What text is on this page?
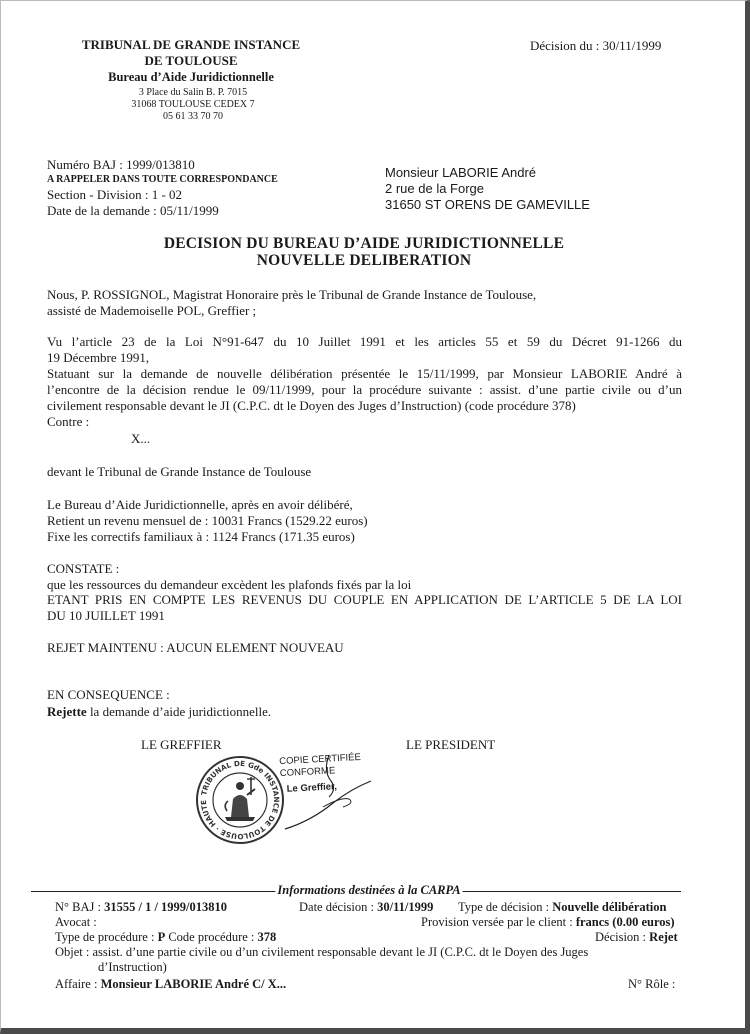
TRIBUNAL DE GRANDE INSTANCE
DE TOULOUSE
Bureau d’Aide Juridictionnelle
3 Place du Salin B. P. 7015
31068 TOULOUSE CEDEX 7
05 61 33 70 70
Décision du : 30/11/1999
Numéro BAJ : 1999/013810
A RAPPELER DANS TOUTE CORRESPONDANCE
Section - Division : 1 - 02
Date de la demande : 05/11/1999
Monsieur LABORIE André
2 rue de la Forge
31650 ST ORENS DE GAMEVILLE
DECISION DU BUREAU D’AIDE JURIDICTIONNELLE
NOUVELLE DELIBERATION
Nous, P. ROSSIGNOL, Magistrat Honoraire près le Tribunal de Grande Instance de Toulouse,
assisté de Mademoiselle POL, Greffier ;
Vu l’article 23 de la Loi N°91-647 du 10 Juillet 1991 et les articles 55 et 59 du Décret 91-1266 du
19 Décembre 1991,
Statuant sur la demande de nouvelle délibération présentée le 15/11/1999, par Monsieur LABORIE André à
l’encontre de la décision rendue le 09/11/1999, pour la procédure suivante : assist. d’une partie civile ou d’un
civilement responsable devant le JI (C.P.C. dt le Doyen des Juges d’Instruction) (code procédure 378)
Contre :
X...
devant le Tribunal de Grande Instance de Toulouse
Le Bureau d’Aide Juridictionnelle, après en avoir délibéré,
Retient un revenu mensuel de : 10031 Francs (1529.22 euros)
Fixe les correctifs familiaux à : 1124 Francs (171.35 euros)
CONSTATE :
que les ressources du demandeur excèdent les plafonds fixés par la loi
ETANT PRIS EN COMPTE LES REVENUS DU COUPLE EN APPLICATION DE L’ARTICLE 5 DE LA LOI
DU 10 JUILLET 1991
REJET MAINTENU : AUCUN ELEMENT NOUVEAU
EN CONSEQUENCE :
Rejette la demande d’aide juridictionnelle.
LE GREFFIER	LE PRESIDENT
TRIBUNAL DE Gde INSTANCE DE TOULOUSE · HAUTE
COPIE CERTIFIÉE
CONFORME
Le Greffier,
Informations destinées à la CARPA
N° BAJ : 31555 / 1 / 1999/013810	Date décision : 30/11/1999 Type de décision : Nouvelle délibération
Avocat :	Provision versée par le client : francs (0.00 euros)
Type de procédure : P Code procédure : 378	Décision : Rejet
Objet : assist. d’une partie civile ou d’un civilement responsable devant le JI (C.P.C. dt le Doyen des Juges
d’Instruction)
Affaire : Monsieur LABORIE André C/ X...	N° Rôle :
